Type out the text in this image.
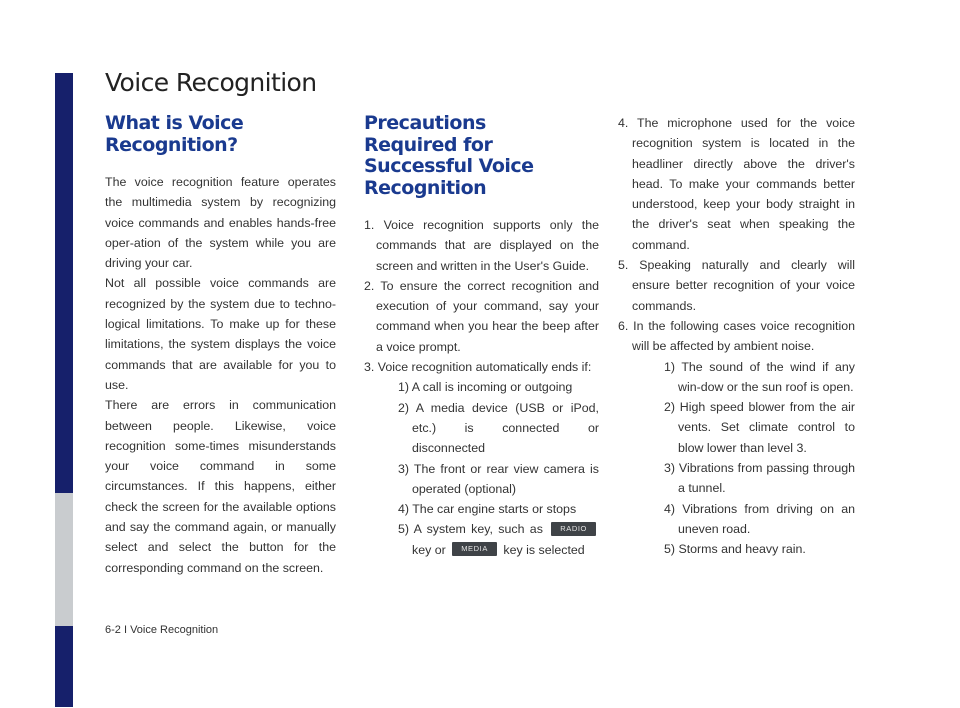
Voice Recognition
What is Voice Recognition?

The voice recognition feature operates the multimedia system by recognizing voice commands and enables hands-free oper-ation of the system while you are driving your car.

Not all possible voice commands are recognized by the system due to techno-logical limitations. To make up for these limitations, the system displays the voice commands that are available for you to use.

There are errors in communication between people. Likewise, voice recognition some-times misunderstands your voice command in some circumstances. If this happens, either check the screen for the available options and say the command again, or manually select and select the button for the corresponding command on the screen.

Precautions Required for Successful Voice Recognition
1. Voice recognition supports only the commands that are displayed on the screen and written in the User's Guide.
2. To ensure the correct recognition and execution of your command, say your command when you hear the beep after a voice prompt.
3. Voice recognition automatically ends if:
1) A call is incoming or outgoing
2) A media device (USB or iPod, etc.) is connected or disconnected
3) The front or rear view camera is operated (optional)
4) The car engine starts or stops
5) A system key, such as RADIO key or MEDIA key is selected
4. The microphone used for the voice recognition system is located in the headliner directly above the driver's head. To make your commands better understood, keep your body straight in the driver's seat when speaking the command.
5. Speaking naturally and clearly will ensure better recognition of your voice commands.
6. In the following cases voice recognition will be affected by ambient noise.
1) The sound of the wind if any win-dow or the sun roof is open.
2) High speed blower from the air vents. Set climate control to blow lower than level 3.
3) Vibrations from passing through a tunnel.
4) Vibrations from driving on an uneven road.
5) Storms and heavy rain.
6-2 I Voice Recognition
